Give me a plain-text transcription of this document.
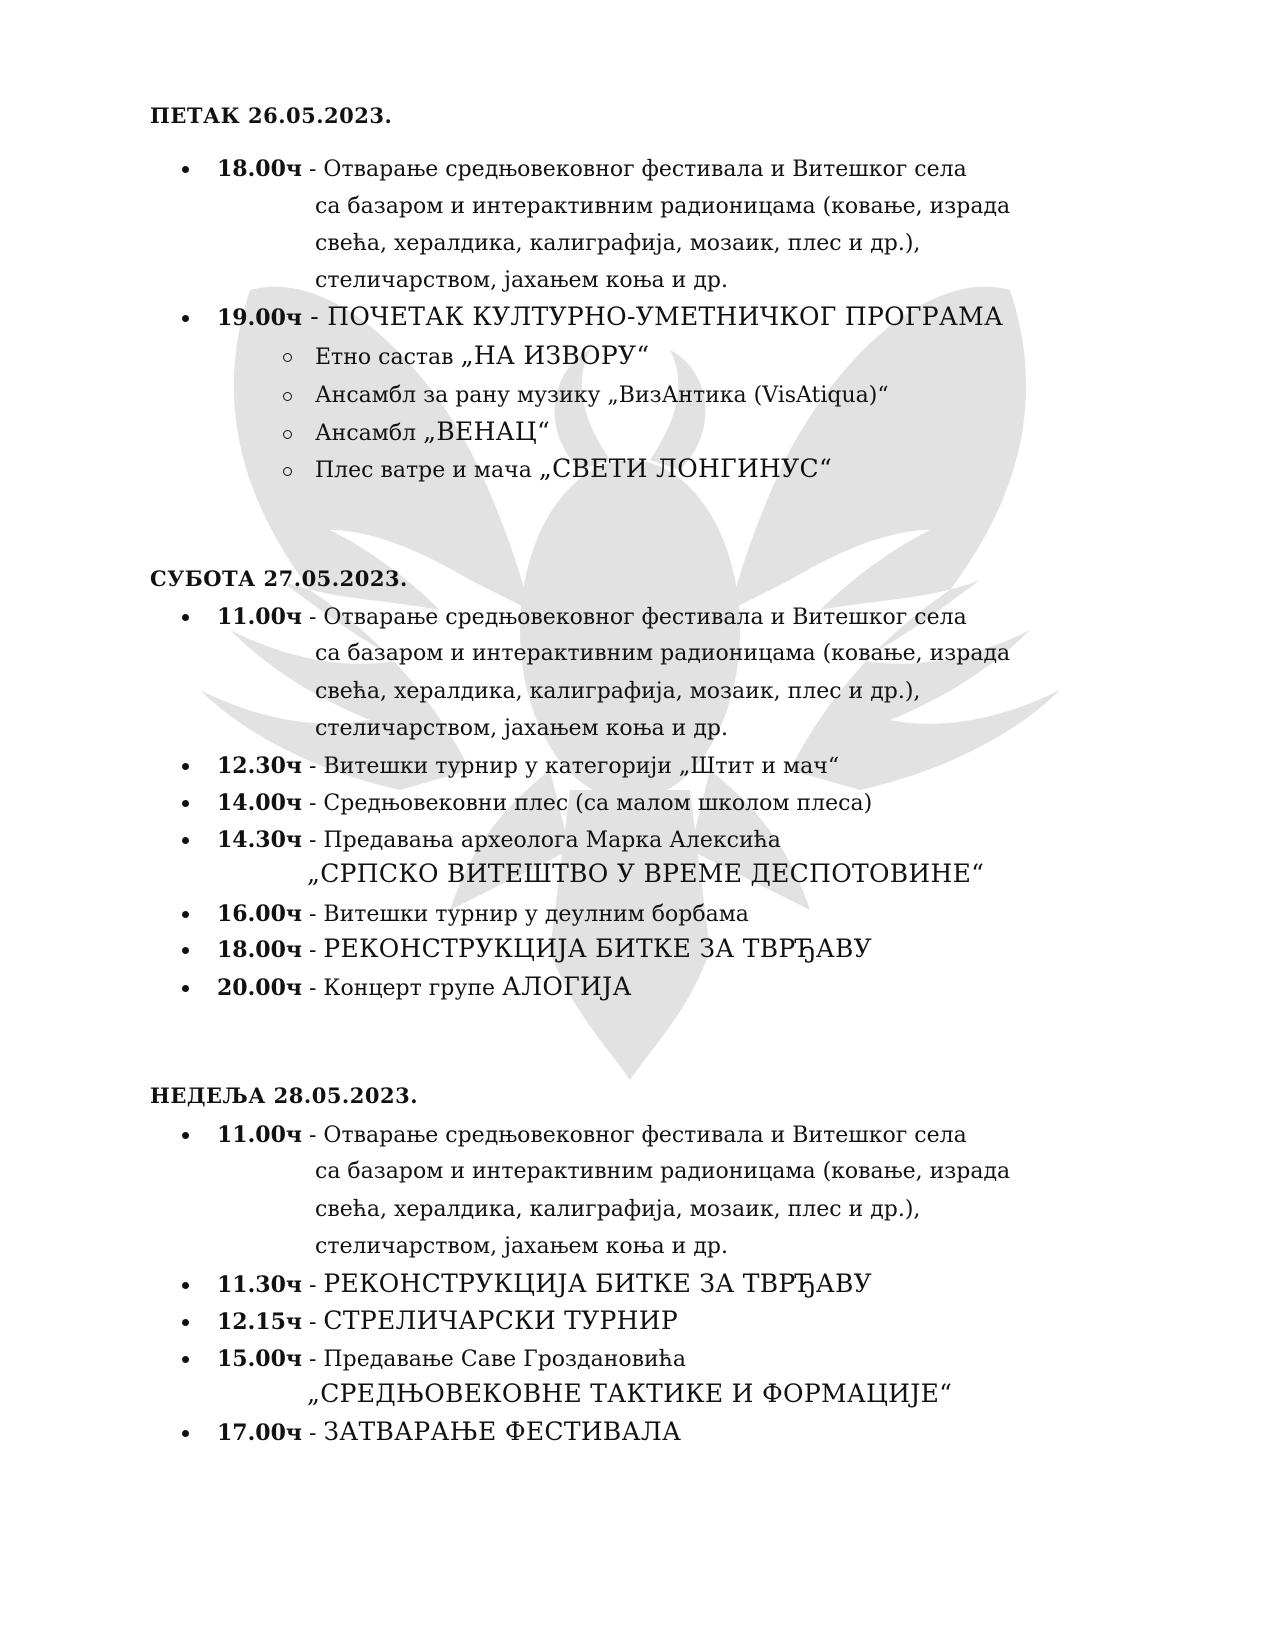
ПЕТАК 26.05.2023.
18.00ч - Отварање средњовековног фестивала и Витешког села
са базаром и интерактивним радионицама (ковање, израда
свећа, хералдика, калиграфија, мозаик, плес и др.),
стеличарством, јахањем коња и др.
19.00ч - ПОЧЕТАК КУЛТУРНО-УМЕТНИЧКОГ ПРОГРАМА
Етно састав „НА ИЗВОРУ“
Ансамбл за рану музику „ВизАнтика (VisAtiqua)“
Ансамбл „ВЕНАЦ“
Плес ватре и мача „СВЕТИ ЛОНГИНУС“
СУБОТА 27.05.2023.
11.00ч - Отварање средњовековног фестивала и Витешког села
са базаром и интерактивним радионицама (ковање, израда
свећа, хералдика, калиграфија, мозаик, плес и др.),
стеличарством, јахањем коња и др.
12.30ч - Витешки турнир у категорији „Штит и мач“
14.00ч - Средњовековни плес (са малом школом плеса)
14.30ч - Предавања археолога Марка Алексића
„СРПСКО ВИТЕШТВО У ВРЕМЕ ДЕСПОТОВИНЕ“
16.00ч - Витешки турнир у деулним борбама
18.00ч - РЕКОНСТРУКЦИЈА БИТКЕ ЗА ТВРЂАВУ
20.00ч - Концерт групе АЛОГИЈА
НЕДЕЉА 28.05.2023.
11.00ч - Отварање средњовековног фестивала и Витешког села
са базаром и интерактивним радионицама (ковање, израда
свећа, хералдика, калиграфија, мозаик, плес и др.),
стеличарством, јахањем коња и др.
11.30ч - РЕКОНСТРУКЦИЈА БИТКЕ ЗА ТВРЂАВУ
12.15ч - СТРЕЛИЧАРСКИ ТУРНИР
15.00ч - Предавање Саве Гроздановића
„СРЕДЊОВЕКОВНЕ ТАКТИКЕ И ФОРМАЦИЈЕ“
17.00ч - ЗАТВАРАЊЕ ФЕСТИВАЛА
